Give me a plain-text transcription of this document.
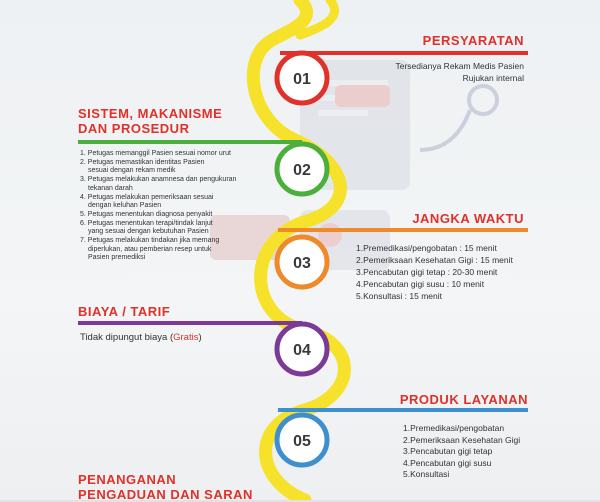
01
02
03
04
05
PERSYARATAN
Tersedianya Rekam Medis Pasien
Rujukan internal
SISTEM, MAKANISME
DAN PROSEDUR
1. Petugas memanggil Pasien sesuai nomor urut
2. Petugas memastikan identitas Pasien
sesuai dengan rekam medik
3. Petugas melakukan anamnesa dan pengukuran
tekanan darah
4. Petugas melakukan pemeriksaan sesuai
dengan keluhan Pasien
5. Petugas menentukan diagnosa penyakit
6. Petugas menentukan terapi/tindak lanjut
yang sesuai dengan kebutuhan Pasien
7. Petugas melakukan tindakan jika memang
diperlukan, atau pemberian resep untuk
Pasien premediksi
JANGKA WAKTU
1.Premedikasi/pengobatan : 15 menit
2.Pemeriksaan Kesehatan Gigi : 15 menit
3.Pencabutan gigi tetap : 20-30 menit
4.Pencabutan gigi susu : 10 menit
5.Konsultasi : 15 menit
BIAYA / TARIF

Tidak dipungut biaya (Gratis)

PRODUK LAYANAN
1.Premedikasi/pengobatan
2.Pemeriksaan Kesehatan Gigi
3.Pencabutan gigi tetap
4.Pencabutan gigi susu
5.Konsultasi
PENANGANAN
PENGADUAN DAN SARAN
